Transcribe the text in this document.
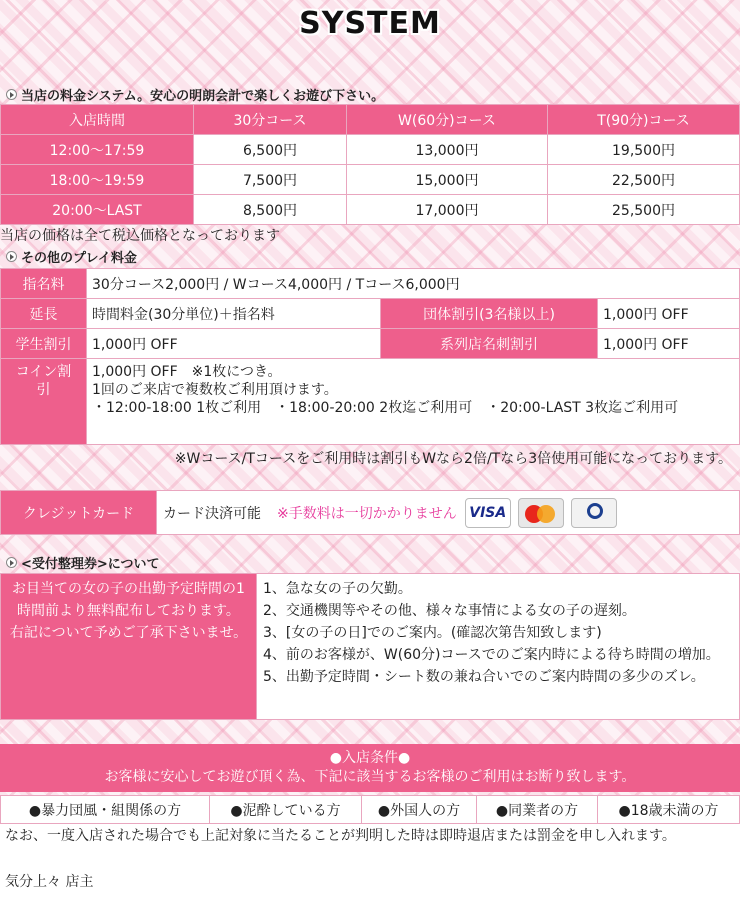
SYSTEM
当店の料金システム。安心の明朗会計で楽しくお遊び下さい。
入店時間	30分コース	W(60分)コース	T(90分)コース
12:00～17:59	6,500円	13,000円	19,500円
18:00～19:59	7,500円	15,000円	22,500円
20:00～LAST	8,500円	17,000円	25,500円
当店の価格は全て税込価格となっております
その他のプレイ料金
指名料	30分コース2,000円 / Wコース4,000円 / Tコース6,000円		
延長	時間料金(30分単位)＋指名料	団体割引(3名様以上)	1,000円 OFF
学生割引	1,000円 OFF	系列店名刺割引	1,000円 OFF
コイン割引	1,000円 OFF　※1枚につき。
1回のご来店で複数枚ご利用頂けます。
・12:00-18:00 1枚ご利用　・18:00-20:00 2枚迄ご利用可　・20:00-LAST 3枚迄ご利用可		
※Wコース/Tコースをご利用時は割引もWなら2倍/Tなら3倍使用可能になっております。
クレジットカード	カード決済可能 ※手数料は一切かかりません VISA
<受付整理券>について
お目当ての女の子の出勤予定時間の1時間前より無料配布しております。
右記について予めご了承下さいませ。	
1、急な女の子の欠勤。
2、交通機関等やその他、様々な事情による女の子の遅刻。
3、[女の子の日]でのご案内。(確認次第告知致します)
4、前のお客様が、W(60分)コースでのご案内時による待ち時間の増加。
5、出勤予定時間・シート数の兼ね合いでのご案内時間の多少のズレ。
●入店条件●
お客様に安心してお遊び頂く為、下記に該当するお客様のご利用はお断り致します。
●暴力団風・組関係の方	●泥酔している方	●外国人の方	●同業者の方	●18歳未満の方
なお、一度入店された場合でも上記対象に当たることが判明した時は即時退店または罰金を申し入れます。
気分上々 店主
